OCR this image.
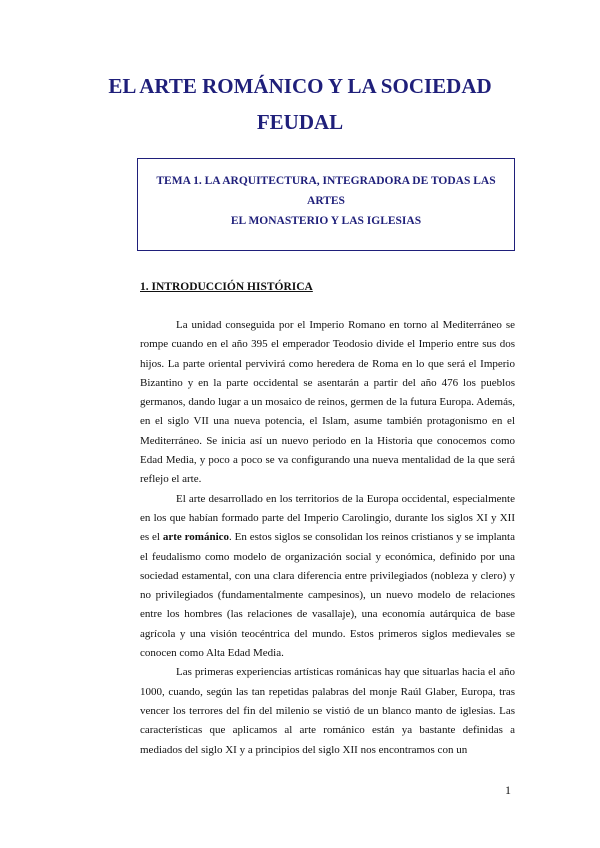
EL ARTE ROMÁNICO Y LA SOCIEDAD
FEUDAL
TEMA 1. LA ARQUITECTURA, INTEGRADORA DE TODAS LAS
ARTES
EL MONASTERIO Y LAS IGLESIAS
1. INTRODUCCIÓN HISTÓRICA

La unidad conseguida por el Imperio Romano en torno al Mediterráneo se rompe cuando en el año 395 el emperador Teodosio divide el Imperio entre sus dos hijos. La parte oriental pervivirá como heredera de Roma en lo que será el Imperio Bizantino y en la parte occidental se asentarán a partir del año 476 los pueblos germanos, dando lugar a un mosaico de reinos, germen de la futura Europa. Además, en el siglo VII una nueva potencia, el Islam, asume también protagonismo en el Mediterráneo. Se inicia así un nuevo periodo en la Historia que conocemos como Edad Media, y poco a poco se va configurando una nueva mentalidad de la que será reflejo el arte.

El arte desarrollado en los territorios de la Europa occidental, especialmente en los que habían formado parte del Imperio Carolingio, durante los siglos XI y XII es el arte románico. En estos siglos se consolidan los reinos cristianos y se implanta el feudalismo como modelo de organización social y económica, definido por una sociedad estamental, con una clara diferencia entre privilegiados (nobleza y clero) y no privilegiados (fundamentalmente campesinos), un nuevo modelo de relaciones entre los hombres (las relaciones de vasallaje), una economía autárquica de base agrícola y una visión teocéntrica del mundo. Estos primeros siglos medievales se conocen como Alta Edad Media.

Las primeras experiencias artísticas románicas hay que situarlas hacia el año 1000, cuando, según las tan repetidas palabras del monje Raúl Glaber, Europa, tras vencer los terrores del fin del milenio se vistió de un blanco manto de iglesias. Las características que aplicamos al arte románico están ya bastante definidas a mediados del siglo XI y a principios del siglo XII nos encontramos con un

1
